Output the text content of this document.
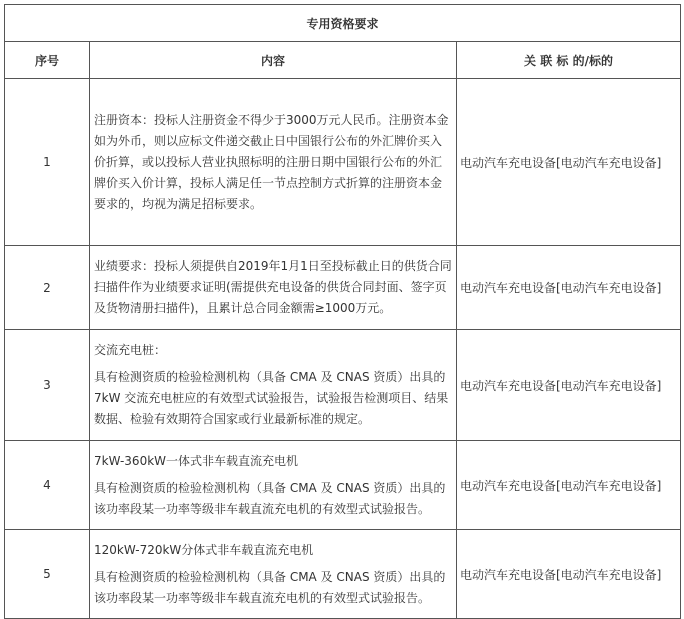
专用资格要求		
序号	内容	关 联 标 的/标的
1	注册资本：投标人注册资金不得少于3000万元人民币。注册资本金如为外币，则以应标文件递交截止日中国银行公布的外汇牌价买入价折算，或以投标人营业执照标明的注册日期中国银行公布的外汇牌价买入价计算，投标人满足任一节点控制方式折算的注册资本金要求的，均视为满足招标要求。	电动汽车充电设备[电动汽车充电设备]
2	业绩要求：投标人须提供自2019年1月1日至投标截止日的供货合同扫描件作为业绩要求证明(需提供充电设备的供货合同封面、签字页及货物清册扫描件)，且累计总合同金额需≥1000万元。	电动汽车充电设备[电动汽车充电设备]
3	交流充电桩：
具有检测资质的检验检测机构（具备 CMA 及 CNAS 资质）出具的7kW 交流充电桩应的有效型式试验报告，试验报告检测项目、结果数据、检验有效期符合国家或行业最新标准的规定。	电动汽车充电设备[电动汽车充电设备]
4	7kW-360kW一体式非车载直流充电机
具有检测资质的检验检测机构（具备 CMA 及 CNAS 资质）出具的该功率段某一功率等级非车载直流充电机的有效型式试验报告。	电动汽车充电设备[电动汽车充电设备]
5	120kW-720kW分体式非车载直流充电机
具有检测资质的检验检测机构（具备 CMA 及 CNAS 资质）出具的该功率段某一功率等级非车载直流充电机的有效型式试验报告。	电动汽车充电设备[电动汽车充电设备]
